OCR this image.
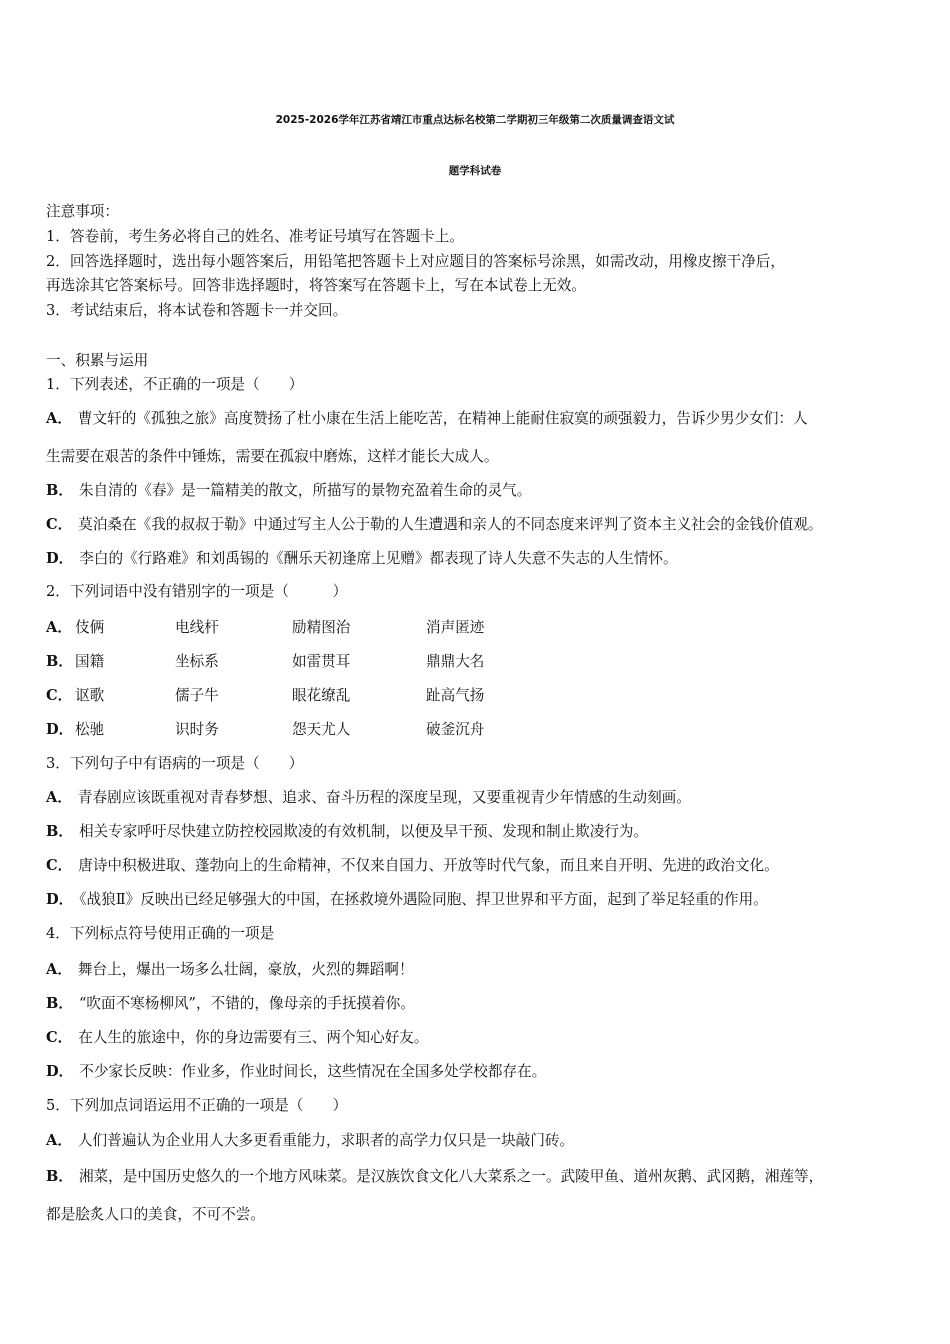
2025-2026学年江苏省靖江市重点达标名校第二学期初三年级第二次质量调查语文试
题学科试卷
注意事项：
1．答卷前，考生务必将自己的姓名、准考证号填写在答题卡上。
2．回答选择题时，选出每小题答案后，用铅笔把答题卡上对应题目的答案标号涂黑，如需改动，用橡皮擦干净后，
再选涂其它答案标号。回答非选择题时，将答案写在答题卡上，写在本试卷上无效。
3．考试结束后，将本试卷和答题卡一并交回。
一、积累与运用
1．下列表述，不正确的一项是（　　）
A． 曹文轩的《孤独之旅》高度赞扬了杜小康在生活上能吃苦，在精神上能耐住寂寞的顽强毅力，告诉少男少女们：人
生需要在艰苦的条件中锤炼，需要在孤寂中磨炼，这样才能长大成人。
B． 朱自清的《春》是一篇精美的散文，所描写的景物充盈着生命的灵气。
C． 莫泊桑在《我的叔叔于勒》中通过写主人公于勒的人生遭遇和亲人的不同态度来评判了资本主义社会的金钱价值观。
D． 李白的《行路难》和刘禹锡的《酬乐天初逢席上见赠》都表现了诗人失意不失志的人生情怀。
2．下列词语中没有错别字的一项是（　　　）
A． 伎俩	电线杆	励精图治	消声匿迹
B． 国籍	坐标系	如雷贯耳	鼎鼎大名
C． 讴歌	儒子牛	眼花缭乱	趾高气扬
D． 松驰	识时务	怨天尤人	破釜沉舟
3．下列句子中有语病的一项是（　　）
A． 青春剧应该既重视对青春梦想、追求、奋斗历程的深度呈现，又要重视青少年情感的生动刻画。
B． 相关专家呼吁尽快建立防控校园欺凌的有效机制，以便及早干预、发现和制止欺凌行为。
C． 唐诗中积极进取、蓬勃向上的生命精神，不仅来自国力、开放等时代气象，而且来自开明、先进的政治文化。
D． 《战狼Ⅱ》反映出已经足够强大的中国，在拯救境外遇险同胞、捍卫世界和平方面，起到了举足轻重的作用。
4．下列标点符号使用正确的一项是
A． 舞台上，爆出一场多么壮阔，豪放，火烈的舞蹈啊！
B． “吹面不寒杨柳风”，不错的，像母亲的手抚摸着你。
C． 在人生的旅途中，你的身边需要有三、两个知心好友。
D． 不少家长反映：作业多，作业时间长，这些情况在全国多处学校都存在。
5．下列加点词语运用不正确的一项是（　　）
A． 人们普遍认为企业用人大多更看重能力，求职者的高学力仅只是一块敲门砖。
B． 湘菜，是中国历史悠久的一个地方风味菜。是汉族饮食文化八大菜系之一。武陵甲鱼、道州灰鹅、武冈鹅，湘莲等，
都是脍炙人口的美食，不可不尝。
